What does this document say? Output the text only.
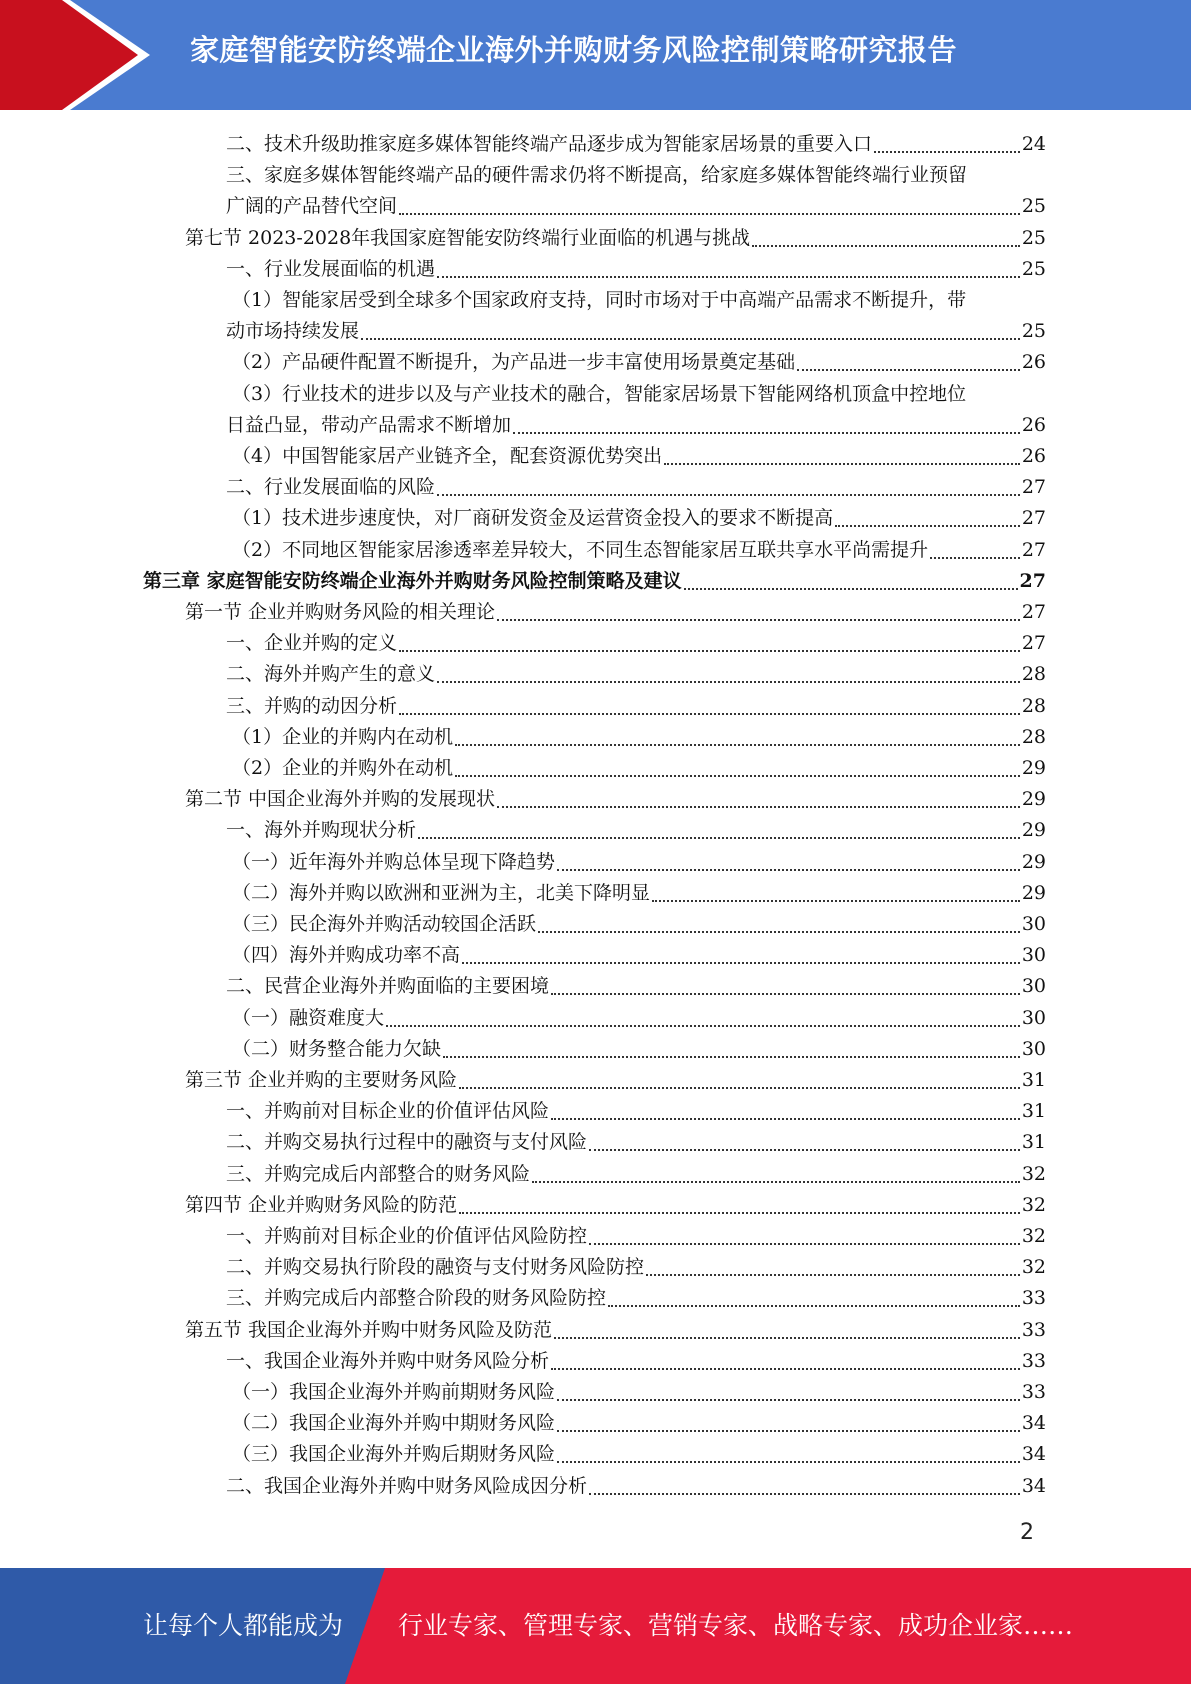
家庭智能安防终端企业海外并购财务风险控制策略研究报告
二、技术升级助推家庭多媒体智能终端产品逐步成为智能家居场景的重要入口	24
三、家庭多媒体智能终端产品的硬件需求仍将不断提高，给家庭多媒体智能终端行业预留
广阔的产品替代空间	25
第七节 2023-2028年我国家庭智能安防终端行业面临的机遇与挑战	25
一、行业发展面临的机遇	25
（1）智能家居受到全球多个国家政府支持，同时市场对于中高端产品需求不断提升，带
动市场持续发展	25
（2）产品硬件配置不断提升，为产品进一步丰富使用场景奠定基础	26
（3）行业技术的进步以及与产业技术的融合，智能家居场景下智能网络机顶盒中控地位
日益凸显，带动产品需求不断增加	26
（4）中国智能家居产业链齐全，配套资源优势突出	26
二、行业发展面临的风险	27
（1）技术进步速度快，对厂商研发资金及运营资金投入的要求不断提高	27
（2）不同地区智能家居渗透率差异较大，不同生态智能家居互联共享水平尚需提升	27
第三章 家庭智能安防终端企业海外并购财务风险控制策略及建议	27
第一节 企业并购财务风险的相关理论	27
一、企业并购的定义	27
二、海外并购产生的意义	28
三、并购的动因分析	28
（1）企业的并购内在动机	28
（2）企业的并购外在动机	29
第二节 中国企业海外并购的发展现状	29
一、海外并购现状分析	29
（一）近年海外并购总体呈现下降趋势	29
（二）海外并购以欧洲和亚洲为主，北美下降明显	29
（三）民企海外并购活动较国企活跃	30
（四）海外并购成功率不高	30
二、民营企业海外并购面临的主要困境	30
（一）融资难度大	30
（二）财务整合能力欠缺	30
第三节 企业并购的主要财务风险	31
一、并购前对目标企业的价值评估风险	31
二、并购交易执行过程中的融资与支付风险	31
三、并购完成后内部整合的财务风险	32
第四节 企业并购财务风险的防范	32
一、并购前对目标企业的价值评估风险防控	32
二、并购交易执行阶段的融资与支付财务风险防控	32
三、并购完成后内部整合阶段的财务风险防控	33
第五节 我国企业海外并购中财务风险及防范	33
一、我国企业海外并购中财务风险分析	33
（一）我国企业海外并购前期财务风险	33
（二）我国企业海外并购中期财务风险	34
（三）我国企业海外并购后期财务风险	34
二、我国企业海外并购中财务风险成因分析	34
2
让每个人都能成为 行业专家、管理专家、营销专家、战略专家、成功企业家……
